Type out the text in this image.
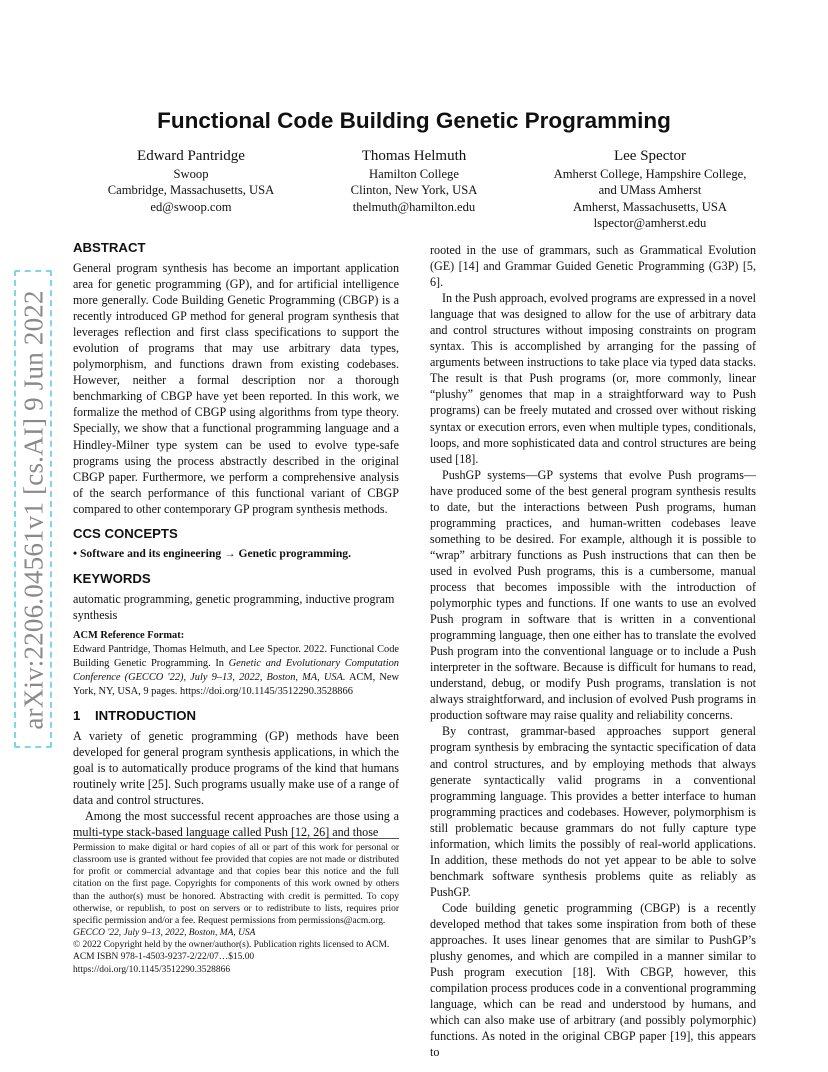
arXiv:2206.04561v1 [cs.AI] 9 Jun 2022
Functional Code Building Genetic Programming
Edward Pantridge
Swoop
Cambridge, Massachusetts, USA
ed@swoop.com
Thomas Helmuth
Hamilton College
Clinton, New York, USA
thelmuth@hamilton.edu
Lee Spector
Amherst College, Hampshire College,
and UMass Amherst
Amherst, Massachusetts, USA
lspector@amherst.edu
ABSTRACT

General program synthesis has become an important application area for genetic programming (GP), and for artificial intelligence more generally. Code Building Genetic Programming (CBGP) is a recently introduced GP method for general program synthesis that leverages reflection and first class specifications to support the evolution of programs that may use arbitrary data types, polymorphism, and functions drawn from existing codebases. However, neither a formal description nor a thorough benchmarking of CBGP have yet been reported. In this work, we formalize the method of CBGP using algorithms from type theory. Specially, we show that a functional programming language and a Hindley-Milner type system can be used to evolve type-safe programs using the process abstractly described in the original CBGP paper. Furthermore, we perform a comprehensive analysis of the search performance of this functional variant of CBGP compared to other contemporary GP program synthesis methods.

CCS CONCEPTS

• Software and its engineering → Genetic programming.

KEYWORDS

automatic programming, genetic programming, inductive program synthesis

ACM Reference Format:

Edward Pantridge, Thomas Helmuth, and Lee Spector. 2022. Functional Code Building Genetic Programming. In Genetic and Evolutionary Computation Conference (GECCO '22), July 9–13, 2022, Boston, MA, USA. ACM, New York, NY, USA, 9 pages. https://doi.org/10.1145/3512290.3528866

1    INTRODUCTION

A variety of genetic programming (GP) methods have been developed for general program synthesis applications, in which the goal is to automatically produce programs of the kind that humans routinely write [25]. Such programs usually make use of a range of data and control structures.

Among the most successful recent approaches are those using a multi-type stack-based language called Push [12, 26] and those

Permission to make digital or hard copies of all or part of this work for personal or classroom use is granted without fee provided that copies are not made or distributed for profit or commercial advantage and that copies bear this notice and the full citation on the first page. Copyrights for components of this work owned by others than the author(s) must be honored. Abstracting with credit is permitted. To copy otherwise, or republish, to post on servers or to redistribute to lists, requires prior specific permission and/or a fee. Request permissions from permissions@acm.org.

GECCO '22, July 9–13, 2022, Boston, MA, USA

© 2022 Copyright held by the owner/author(s). Publication rights licensed to ACM.

ACM ISBN 978-1-4503-9237-2/22/07…$15.00

https://doi.org/10.1145/3512290.3528866

rooted in the use of grammars, such as Grammatical Evolution (GE) [14] and Grammar Guided Genetic Programming (G3P) [5, 6].

In the Push approach, evolved programs are expressed in a novel language that was designed to allow for the use of arbitrary data and control structures without imposing constraints on program syntax. This is accomplished by arranging for the passing of arguments between instructions to take place via typed data stacks. The result is that Push programs (or, more commonly, linear “plushy” genomes that map in a straightforward way to Push programs) can be freely mutated and crossed over without risking syntax or execution errors, even when multiple types, conditionals, loops, and more sophisticated data and control structures are being used [18].

PushGP systems—GP systems that evolve Push programs—have produced some of the best general program synthesis results to date, but the interactions between Push programs, human programming practices, and human-written codebases leave something to be desired. For example, although it is possible to “wrap” arbitrary functions as Push instructions that can then be used in evolved Push programs, this is a cumbersome, manual process that becomes impossible with the introduction of polymorphic types and functions. If one wants to use an evolved Push program in software that is written in a conventional programming language, then one either has to translate the evolved Push program into the conventional language or to include a Push interpreter in the software. Because is difficult for humans to read, understand, debug, or modify Push programs, translation is not always straightforward, and inclusion of evolved Push programs in production software may raise quality and reliability concerns.

By contrast, grammar-based approaches support general program synthesis by embracing the syntactic specification of data and control structures, and by employing methods that always generate syntactically valid programs in a conventional programming language. This provides a better interface to human programming practices and codebases. However, polymorphism is still problematic because grammars do not fully capture type information, which limits the possibly of real-world applications. In addition, these methods do not yet appear to be able to solve benchmark software synthesis problems quite as reliably as PushGP.

Code building genetic programming (CBGP) is a recently developed method that takes some inspiration from both of these approaches. It uses linear genomes that are similar to PushGP’s plushy genomes, and which are compiled in a manner similar to Push program execution [18]. With CBGP, however, this compilation process produces code in a conventional programming language, which can be read and understood by humans, and which can also make use of arbitrary (and possibly polymorphic) functions. As noted in the original CBGP paper [19], this appears to
